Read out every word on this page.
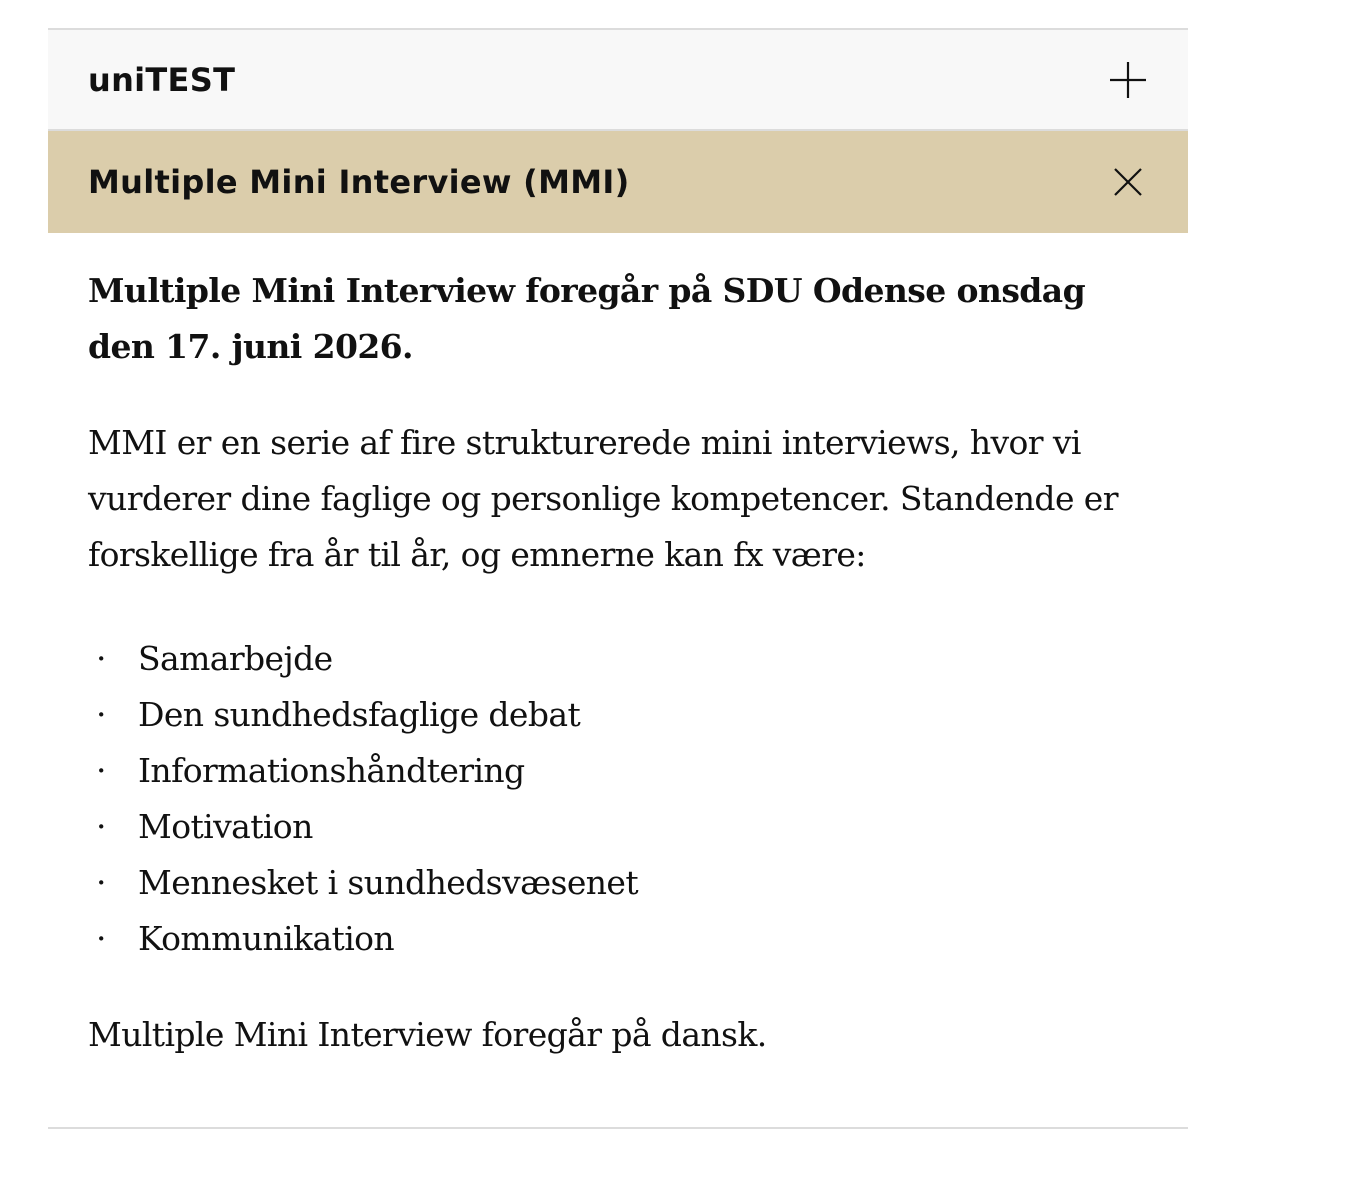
uniTEST
Multiple Mini Interview (MMI)

Multiple Mini Interview foregår på SDU Odense onsdag den 17. juni 2026.

MMI er en serie af fire strukturerede mini interviews, hvor vi vurderer dine faglige og personlige kompetencer. Standende er forskellige fra år til år, og emnerne kan fx være:

· Samarbejde
· Den sundhedsfaglige debat
· Informationshåndtering
· Motivation
· Mennesket i sundhedsvæsenet
· Kommunikation

Multiple Mini Interview foregår på dansk.
